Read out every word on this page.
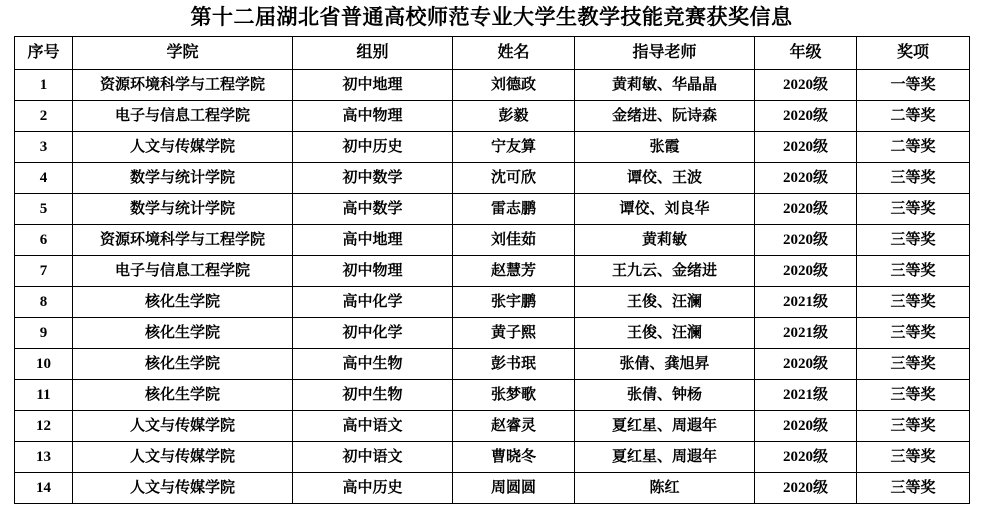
第十二届湖北省普通高校师范专业大学生教学技能竞赛获奖信息
序号	学院	组别	姓名	指导老师	年级	奖项
1	资源环境科学与工程学院	初中地理	刘德政	黄莉敏、华晶晶	2020级	一等奖
2	电子与信息工程学院	高中物理	彭毅	金绪进、阮诗森	2020级	二等奖
3	人文与传媒学院	初中历史	宁友算	张霞	2020级	二等奖
4	数学与统计学院	初中数学	沈可欣	谭佼、王波	2020级	三等奖
5	数学与统计学院	高中数学	雷志鹏	谭佼、刘良华	2020级	三等奖
6	资源环境科学与工程学院	高中地理	刘佳茹	黄莉敏	2020级	三等奖
7	电子与信息工程学院	初中物理	赵慧芳	王九云、金绪进	2020级	三等奖
8	核化生学院	高中化学	张宇鹏	王俊、汪澜	2021级	三等奖
9	核化生学院	初中化学	黄子熙	王俊、汪澜	2021级	三等奖
10	核化生学院	高中生物	彭书珉	张倩、龚旭昇	2020级	三等奖
11	核化生学院	初中生物	张梦歌	张倩、钟杨	2021级	三等奖
12	人文与传媒学院	高中语文	赵睿灵	夏红星、周遐年	2020级	三等奖
13	人文与传媒学院	初中语文	曹晓冬	夏红星、周遐年	2020级	三等奖
14	人文与传媒学院	高中历史	周圆圆	陈红	2020级	三等奖
